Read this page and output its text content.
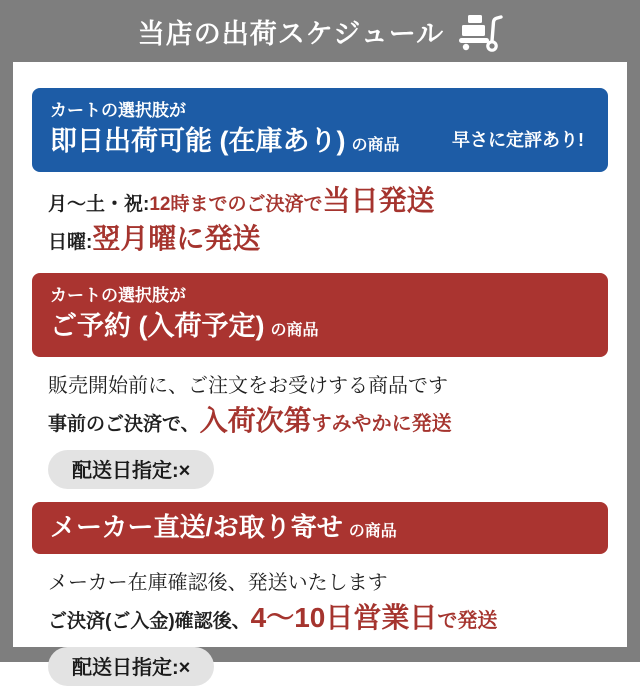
当店の出荷スケジュール
カートの選択肢が
即日出荷可能 (在庫あり) の商品	早さに定評あり!
月〜土・祝:12時までのご決済で当日発送
日曜:翌月曜に発送
カートの選択肢が
ご予約 (入荷予定) の商品
販売開始前に、ご注文をお受けする商品です
事前のご決済で、入荷次第すみやかに発送
配送日指定:×
メーカー直送/お取り寄せ の商品
メーカー在庫確認後、発送いたします
ご決済(ご入金)確認後、4〜10日営業日で発送
配送日指定:×
